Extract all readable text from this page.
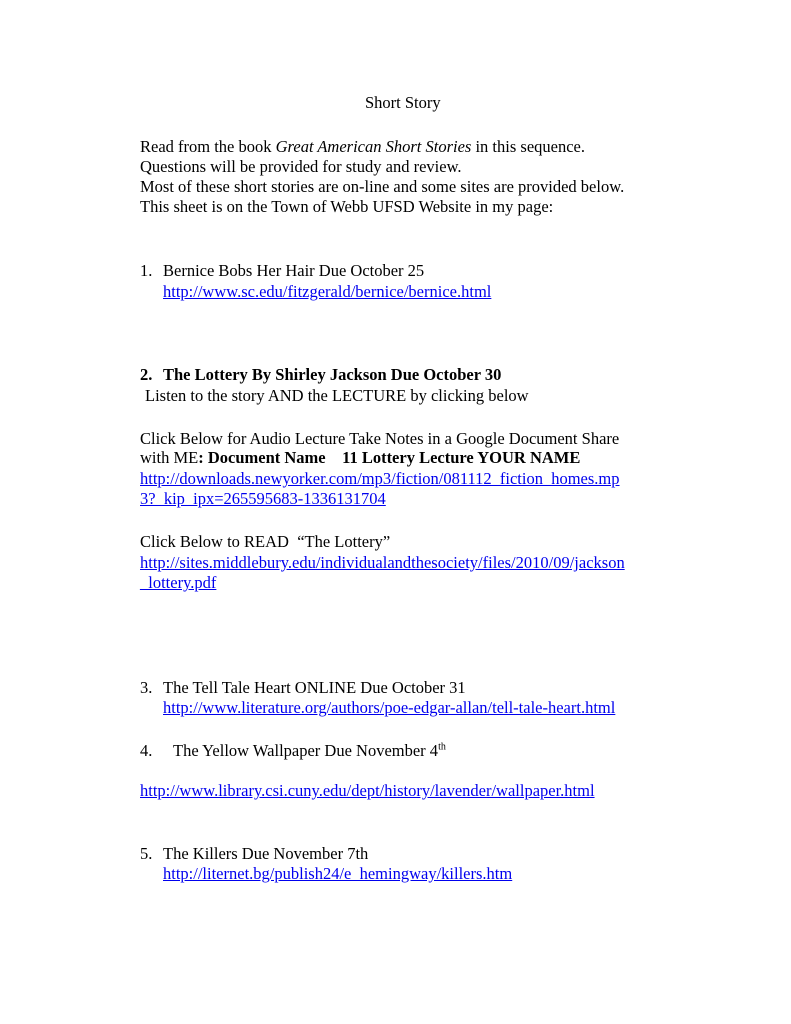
Short Story
Read from the book Great American Short Stories in this sequence.
Questions will be provided for study and review.
Most of these short stories are on-line and some sites are provided below.
This sheet is on the Town of Webb UFSD Website in my page:
1. Bernice Bobs Her Hair Due October 25
http://www.sc.edu/fitzgerald/bernice/bernice.html
2. The Lottery By Shirley Jackson Due October 30
Listen to the story AND the LECTURE by clicking below
Click Below for Audio Lecture Take Notes in a Google Document Share
with ME: Document Name    11 Lottery Lecture YOUR NAME
http://downloads.newyorker.com/mp3/fiction/081112_fiction_homes.mp
3?_kip_ipx=265595683-1336131704
Click Below to READ  “The Lottery”
http://sites.middlebury.edu/individualandthesociety/files/2010/09/jackson
_lottery.pdf
3. The Tell Tale Heart ONLINE Due October 31
http://www.literature.org/authors/poe-edgar-allan/tell-tale-heart.html
4. The Yellow Wallpaper Due November 4th
http://www.library.csi.cuny.edu/dept/history/lavender/wallpaper.html
5. The Killers Due November 7th
http://liternet.bg/publish24/e_hemingway/killers.htm
